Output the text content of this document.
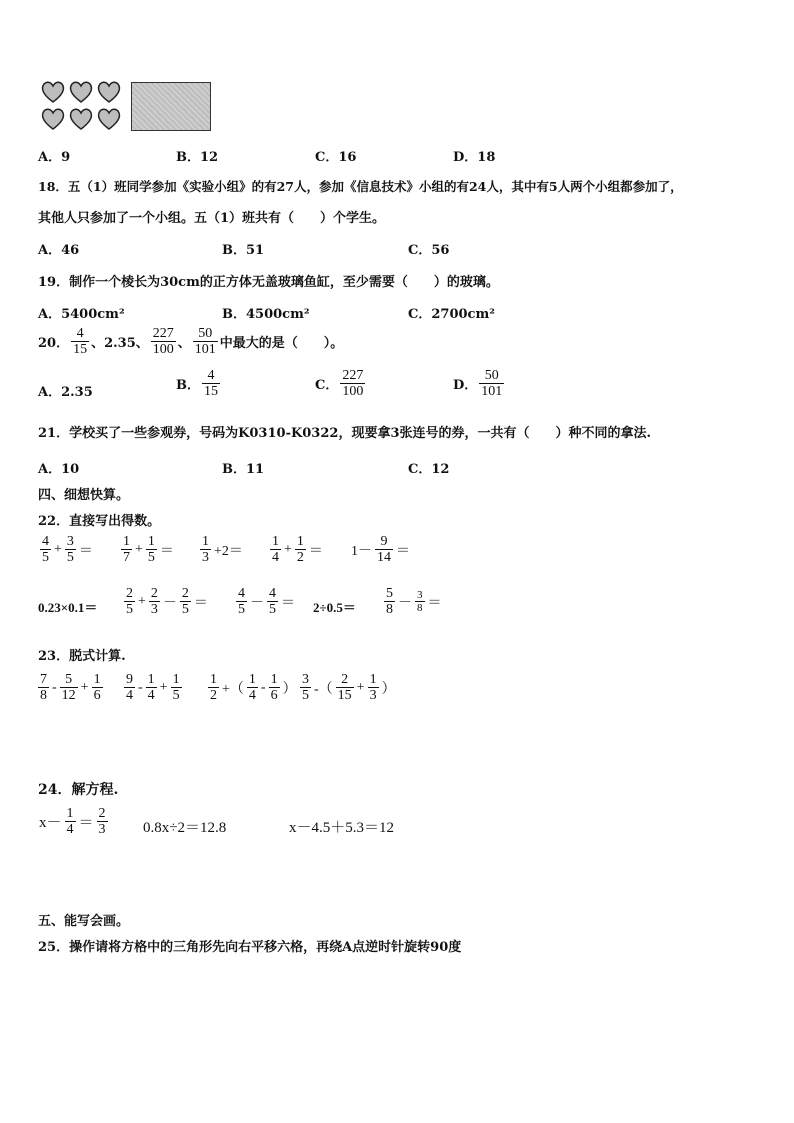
A．9	B．12	C．16	D．18
18．五（1）班同学参加《实验小组》的有27人，参加《信息技术》小组的有24人，其中有5人两个小组都参加了，
其他人只参加了一个小组。五（1）班共有（　　）个学生。
A．46	B．51	C．56
19．制作一个棱长为30cm的正方体无盖玻璃鱼缸，至少需要（　　）的玻璃。
A．5400cm²	B．4500cm²	C．2700cm²
20． $\frac{4}{15}$ 、2.35、 $\frac{227}{100}$ 、 $\frac{50}{101}$ 中最大的是（　　）。
A．2.35	B． $\frac{4}{15}$	C． $\frac{227}{100}$	D． $\frac{50}{101}$
21．学校买了一些参观券，号码为K0310-K0322，现要拿3张连号的券，一共有（　　）种不同的拿法.
A．10	B．11	C．12
四、细想快算。
22．直接写出得数。
$\frac{4}{5} + \frac{3}{5} = \frac{1}{7} + \frac{1}{5} = \frac{1}{3} +2= \frac{1}{4} + \frac{1}{2} = 1- \frac{9}{14}$ ＝
$0.23\times 0.1= \frac{2}{5} + \frac{2}{3} - \frac{2}{5} = \frac{4}{5} - \frac{4}{5} = 2\div 0.5= \frac{5}{8} - \frac{3}{8}$ ＝
23．脱式计算.
$\frac{7}{8} - \frac{5}{12} + \frac{1}{6} \frac{9}{4} - \frac{1}{4} + \frac{1}{5} \frac{1}{2}$ +（ $\frac{1}{4} - \frac{1}{6}$ ） $\frac{3}{5}$ -（ $\frac{2}{15} + \frac{1}{3}$ ）
24．解方程.
$x- \frac{1}{4} = \frac{2}{3} 0.8x\div 2=12.8$	x－4.5＋5.3＝12
五、能写会画。
25．操作请将方格中的三角形先向右平移六格，再绕A点逆时针旋转90度
